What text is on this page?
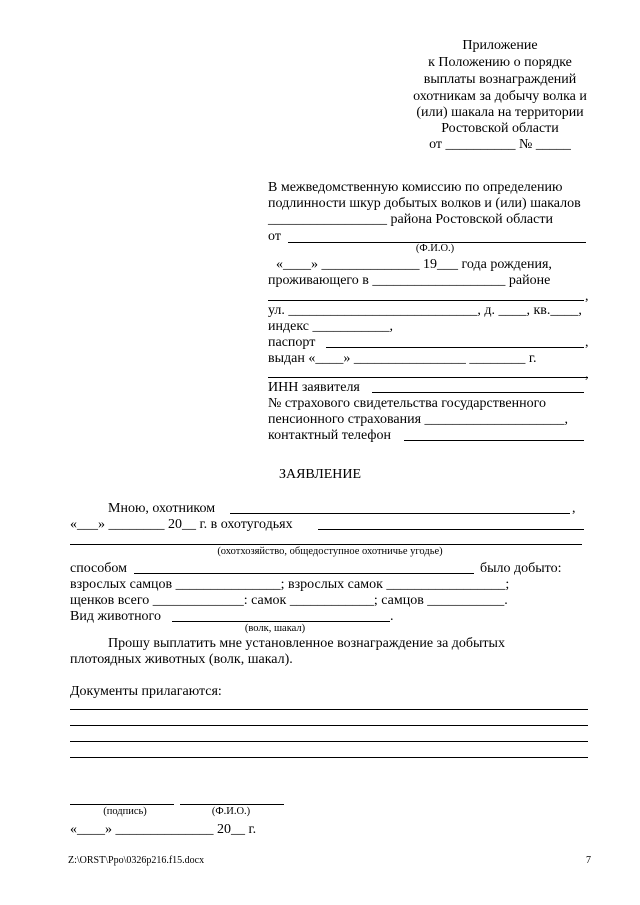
Приложение
к Положению о порядке
выплаты вознаграждений
охотникам за добычу волка и
(или) шакала на территории
Ростовской области
от __________ № _____
В межведомственную комиссию по определению
подлинности шкур добытых волков и (или) шакалов
_________________ района Ростовской области
от
(Ф.И.О.)
«____» ______________ 19___ года рождения,
проживающего в ___________________ районе
,
ул. ___________________________, д. ____, кв.____,
индекс ___________,
паспорт	,
выдан «____» ________________ ________ г.
ИНН заявителя
,
№ страхового свидетельства государственного
пенсионного страхования ____________________,
контактный телефон
ЗАЯВЛЕНИЕ
Мною, охотником	,
«___» ________ 20__ г. в охотугодьях
(охотхозяйство, общедоступное охотничье угодье)
способом	было добыто:
взрослых самцов _______________; взрослых самок _________________;
щенков всего _____________: самок ____________; самцов ___________.
Вид животного	.
(волк, шакал)
Прошу выплатить мне установленное вознаграждение за добытых
плотоядных животных (волк, шакал).
Документы прилагаются:
(подпись)	(Ф.И.О.)
«____» ______________ 20__ г.
Z:\ORST\Ppo\0326p216.f15.docx	7
